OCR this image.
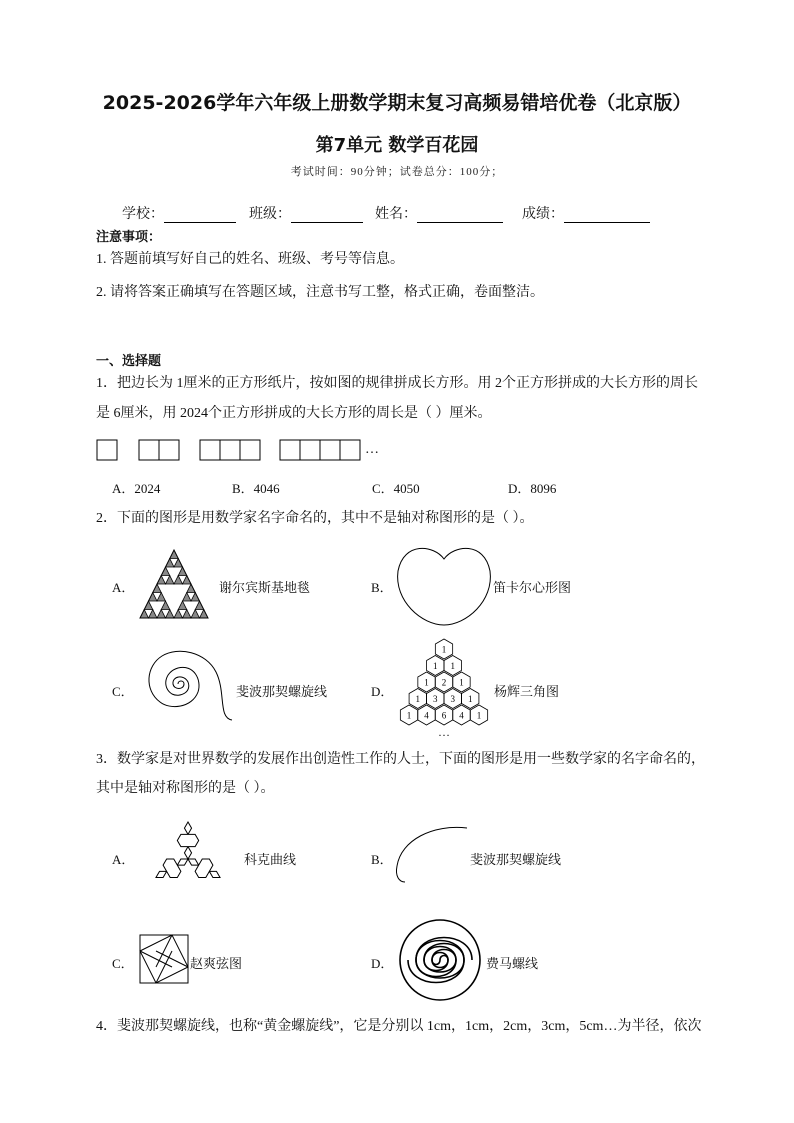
2025-2026学年六年级上册数学期末复习高频易错培优卷（北京版）
第7单元 数学百花园
考试时间：90分钟；试卷总分：100分；
学校：	班级：	姓名：	成绩：
注意事项：
1. 答题前填写好自己的姓名、班级、考号等信息。
2. 请将答案正确填写在答题区域，注意书写工整，格式正确，卷面整洁。
一、选择题
1．把边长为 1厘米的正方形纸片，按如图的规律拼成长方形。用 2个正方形拼成的大长方形的周长
是 6厘米，用 2024个正方形拼成的大长方形的周长是（ ）厘米。
…
A．2024	B．4046	C．4050	D．8096
2．下面的图形是用数学家名字命名的，其中不是轴对称图形的是（ ）。
A．	谢尔宾斯基地毯	B．	笛卡尔心形图
C．	斐波那契螺旋线	D．
1
1 1
1 2 1
1 3 3 1
1 4 6 4 1
…
杨辉三角图
3．数学家是对世界数学的发展作出创造性工作的人士，下面的图形是用一些数学家的名字命名的，
其中是轴对称图形的是（ ）。
A．	科克曲线	B．	斐波那契螺旋线
C．	赵爽弦图	D．	费马螺线
4．斐波那契螺旋线，也称“黄金螺旋线”，它是分别以 1cm，1cm，2cm，3cm，5cm…为半径，依次
